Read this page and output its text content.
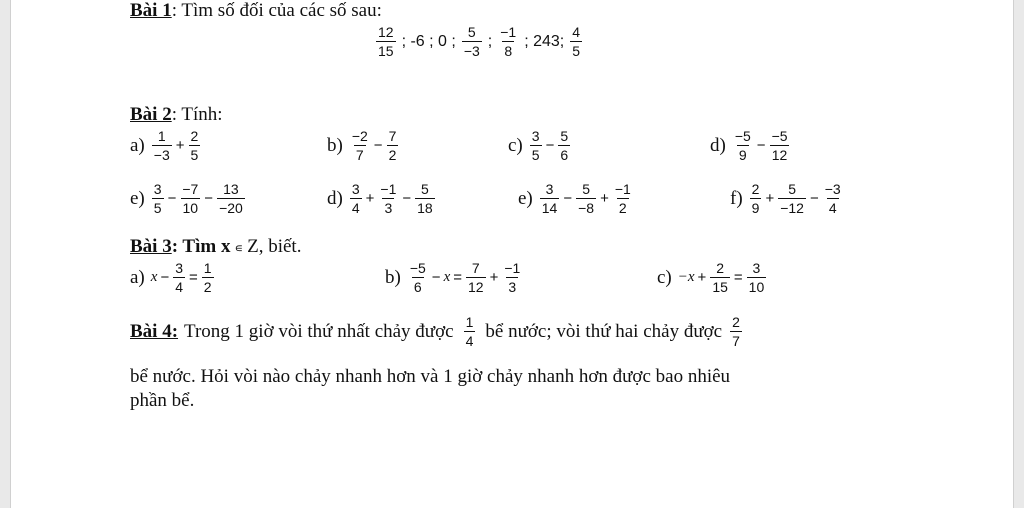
Bài 1: Tìm số đối của các số sau:
$\frac{12}{15}$ ; -6 ; 0 ; $\frac{5}{-3}$ ; $\frac{-1}{8}$ ; 243; $\frac{4}{5}$
Bài 2: Tính:
$a) \frac{1}{-3} + \frac{2}{5}$	$b) \frac{-2}{7} - \frac{7}{2}$	$c) \frac{3}{5} - \frac{5}{6}$	$d) \frac{-5}{9} - \frac{-5}{12}$
$e) \frac{3}{5} - \frac{-7}{10} - \frac{13}{-20}$	$d) \frac{3}{4} + \frac{-1}{3} - \frac{5}{18}$	$e) \frac{3}{14} - \frac{5}{-8} + \frac{-1}{2}$	$f) \frac{2}{9} + \frac{5}{-12} - \frac{-3}{4}$
Bài 3: Tìm x ∊ Z, biết.
a) $x - \frac{3}{4} = \frac{1}{2}$	$b) \frac{-5}{6} - x = \frac{7}{12} + \frac{-1}{3}$	$c) -x + \frac{2}{15} = \frac{3}{10}$
Bài 4: Trong 1 giờ vòi thứ nhất chảy được $\frac{1}{4}$ bể nước; vòi thứ hai chảy được $\frac{2}{7}$
bể nước. Hỏi vòi nào chảy nhanh hơn và 1 giờ chảy nhanh hơn được bao nhiêu
phần bể.
